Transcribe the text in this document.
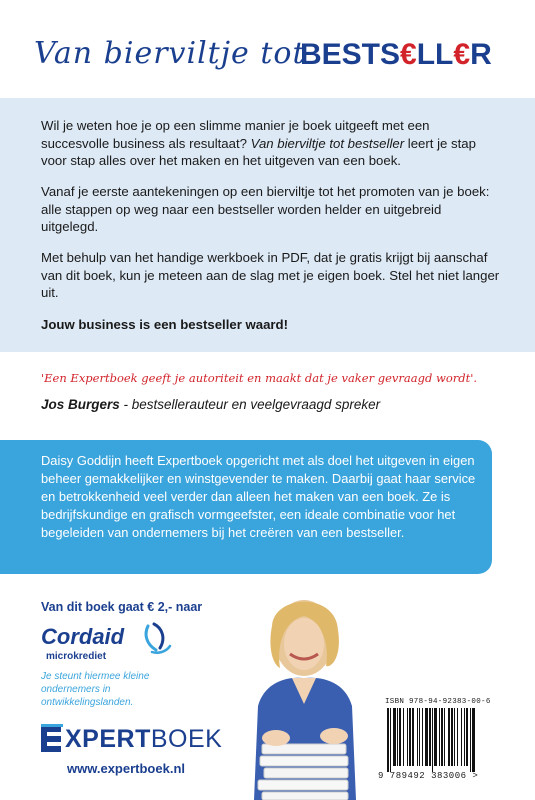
Van bierviltje tot
BESTS€LL€R

Wil je weten hoe je op een slimme manier je boek uitgeeft met een succesvolle business als resultaat? Van bierviltje tot bestseller leert je stap voor stap alles over het maken en het uitgeven van een boek.

Vanaf je eerste aantekeningen op een bierviltje tot het promoten van je boek: alle stappen op weg naar een bestseller worden helder en uitgebreid uitgelegd.

Met behulp van het handige werkboek in PDF, dat je gratis krijgt bij aanschaf van dit boek, kun je meteen aan de slag met je eigen boek. Stel het niet langer uit.

Jouw business is een bestseller waard!

'Een Expertboek geeft je autoriteit en maakt dat je vaker gevraagd wordt'.
Jos Burgers - bestsellerauteur en veelgevraagd spreker

Daisy Goddijn heeft Expertboek opgericht met als doel het uitgeven in eigen beheer gemakkelijker en winstgevender te maken. Daarbij gaat haar service en betrokkenheid veel verder dan alleen het maken van een boek. Ze is bedrijfskundige en grafisch vormgeefster, een ideale combinatie voor het begeleiden van ondernemers bij het creëren van een bestseller.

Van dit boek gaat € 2,- naar
Cordaid
microkrediet
Je steunt hiermee kleine ondernemers in ontwikkelingslanden.
XPERTBOEK
www.expertboek.nl
ISBN 978-94-92383-00-6
9 789492 383006 >
